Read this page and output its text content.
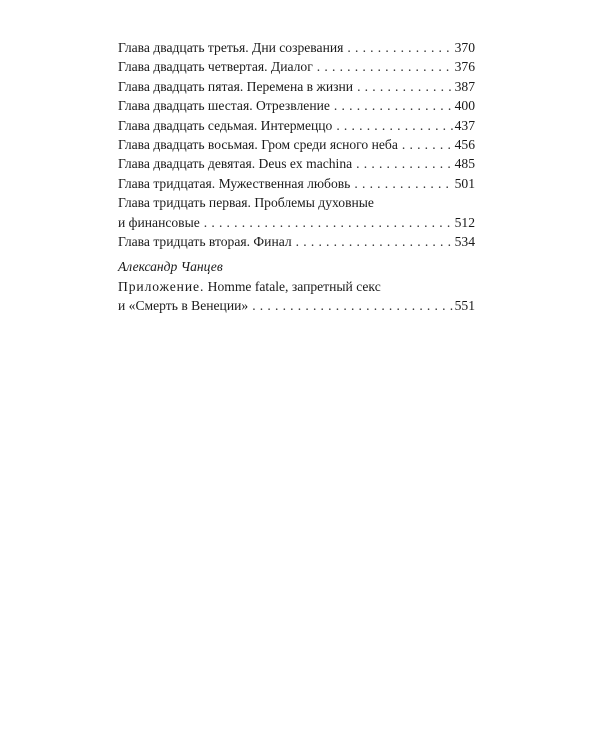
Глава двадцать третья. Дни созревания . . .	370
Глава двадцать четвертая. Диалог . . .	376
Глава двадцать пятая. Перемена в жизни . . .	387
Глава двадцать шестая. Отрезвление . . .	400
Глава двадцать седьмая. Интермеццо . . .	437
Глава двадцать восьмая. Гром среди ясного неба . . .	456
Глава двадцать девятая. Deus ex machina . . .	485
Глава тридцатая. Мужественная любовь . . .	501
Глава тридцать первая. Проблемы духовные
и финансовые . . .	512
Глава тридцать вторая. Финал . . .	534
Александр Чанцев
Приложение. Homme fatale, запретный секс
и «Смерть в Венеции» . . .	551
